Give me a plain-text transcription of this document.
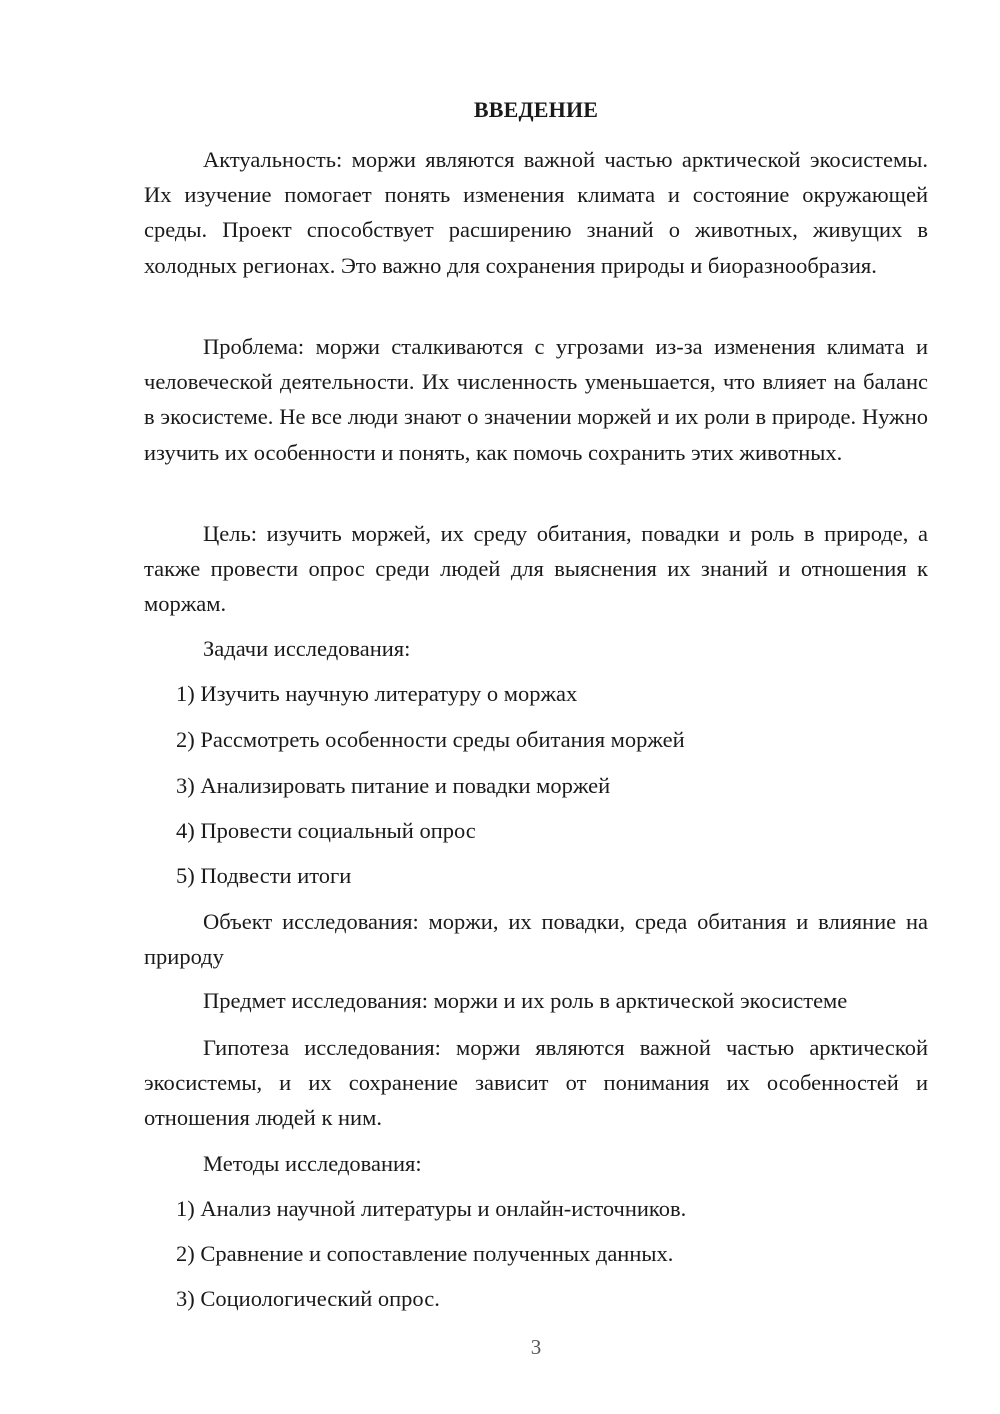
ВВЕДЕНИЕ

Актуальность: моржи являются важной частью арктической экосистемы. Их изучение помогает понять изменения климата и состояние окружающей среды. Проект способствует расширению знаний о животных, живущих в холодных регионах. Это важно для сохранения природы и биоразнообразия.

Проблема: моржи сталкиваются с угрозами из-за изменения климата и человеческой деятельности. Их численность уменьшается, что влияет на баланс в экосистеме. Не все люди знают о значении моржей и их роли в природе. Нужно изучить их особенности и понять, как помочь сохранить этих животных.

Цель: изучить моржей, их среду обитания, повадки и роль в природе, а также провести опрос среди людей для выяснения их знаний и отношения к моржам.

Задачи исследования:
1) Изучить научную литературу о моржах
2) Рассмотреть особенности среды обитания моржей
3) Анализировать питание и повадки моржей
4) Провести социальный опрос
5) Подвести итоги

Объект исследования: моржи, их повадки, среда обитания и влияние на природу

Предмет исследования: моржи и их роль в арктической экосистеме

Гипотеза исследования: моржи являются важной частью арктической экосистемы, и их сохранение зависит от понимания их особенностей и отношения людей к ним.

Методы исследования:
1) Анализ научной литературы и онлайн-источников.
2) Сравнение и сопоставление полученных данных.
3) Социологический опрос.
3
